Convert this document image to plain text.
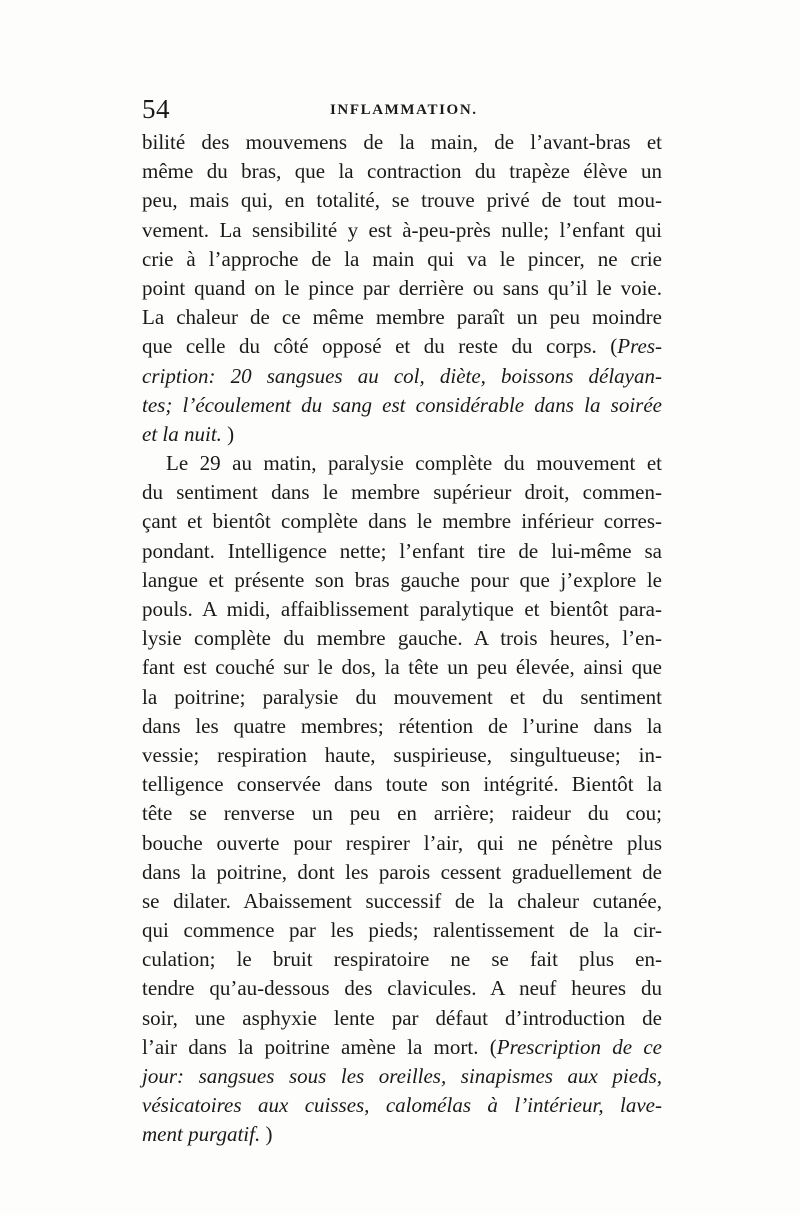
54	INFLAMMATION.
bilité des mouvemens de la main, de l’avant-bras et
même du bras, que la contraction du trapèze élève un
peu, mais qui, en totalité, se trouve privé de tout mou-
vement. La sensibilité y est à-peu-près nulle; l’enfant qui
crie à l’approche de la main qui va le pincer, ne crie
point quand on le pince par derrière ou sans qu’il le voie.
La chaleur de ce même membre paraît un peu moindre
que celle du côté opposé et du reste du corps. (Pres-
cription: 20 sangsues au col, diète, boissons délayan-
tes; l’écoulement du sang est considérable dans la soirée
et la nuit. )
Le 29 au matin, paralysie complète du mouvement et
du sentiment dans le membre supérieur droit, commen-
çant et bientôt complète dans le membre inférieur corres-
pondant. Intelligence nette; l’enfant tire de lui-même sa
langue et présente son bras gauche pour que j’explore le
pouls. A midi, affaiblissement paralytique et bientôt para-
lysie complète du membre gauche. A trois heures, l’en-
fant est couché sur le dos, la tête un peu élevée, ainsi que
la poitrine; paralysie du mouvement et du sentiment
dans les quatre membres; rétention de l’urine dans la
vessie; respiration haute, suspirieuse, singultueuse; in-
telligence conservée dans toute son intégrité. Bientôt la
tête se renverse un peu en arrière; raideur du cou;
bouche ouverte pour respirer l’air, qui ne pénètre plus
dans la poitrine, dont les parois cessent graduellement de
se dilater. Abaissement successif de la chaleur cutanée,
qui commence par les pieds; ralentissement de la cir-
culation; le bruit respiratoire ne se fait plus en-
tendre qu’au-dessous des clavicules. A neuf heures du
soir, une asphyxie lente par défaut d’introduction de
l’air dans la poitrine amène la mort. (Prescription de ce
jour: sangsues sous les oreilles, sinapismes aux pieds,
vésicatoires aux cuisses, calomélas à l’intérieur, lave-
ment purgatif. )
